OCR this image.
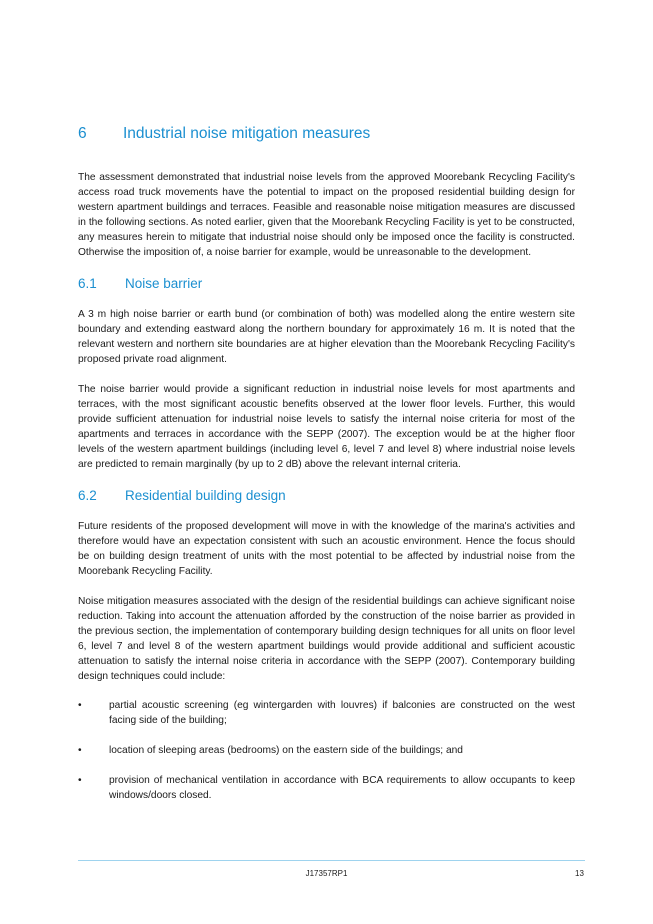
6	Industrial noise mitigation measures

The assessment demonstrated that industrial noise levels from the approved Moorebank Recycling Facility's access road truck movements have the potential to impact on the proposed residential building design for western apartment buildings and terraces. Feasible and reasonable noise mitigation measures are discussed in the following sections. As noted earlier, given that the Moorebank Recycling Facility is yet to be constructed, any measures herein to mitigate that industrial noise should only be imposed once the facility is constructed. Otherwise the imposition of, a noise barrier for example, would be unreasonable to the development.

6.1	Noise barrier

A 3 m high noise barrier or earth bund (or combination of both) was modelled along the entire western site boundary and extending eastward along the northern boundary for approximately 16 m. It is noted that the relevant western and northern site boundaries are at higher elevation than the Moorebank Recycling Facility's proposed private road alignment.

The noise barrier would provide a significant reduction in industrial noise levels for most apartments and terraces, with the most significant acoustic benefits observed at the lower floor levels. Further, this would provide sufficient attenuation for industrial noise levels to satisfy the internal noise criteria for most of the apartments and terraces in accordance with the SEPP (2007). The exception would be at the higher floor levels of the western apartment buildings (including level 6, level 7 and level 8) where industrial noise levels are predicted to remain marginally (by up to 2 dB) above the relevant internal criteria.

6.2	Residential building design

Future residents of the proposed development will move in with the knowledge of the marina's activities and therefore would have an expectation consistent with such an acoustic environment. Hence the focus should be on building design treatment of units with the most potential to be affected by industrial noise from the Moorebank Recycling Facility.

Noise mitigation measures associated with the design of the residential buildings can achieve significant noise reduction. Taking into account the attenuation afforded by the construction of the noise barrier as provided in the previous section, the implementation of contemporary building design techniques for all units on floor level 6, level 7 and level 8 of the western apartment buildings would provide additional and sufficient acoustic attenuation to satisfy the internal noise criteria in accordance with the SEPP (2007). Contemporary building design techniques could include:

•	partial acoustic screening (eg wintergarden with louvres) if balconies are constructed on the west facing side of the building;
•	location of sleeping areas (bedrooms) on the eastern side of the buildings; and
•	provision of mechanical ventilation in accordance with BCA requirements to allow occupants to keep windows/doors closed.
J17357RP1	13
